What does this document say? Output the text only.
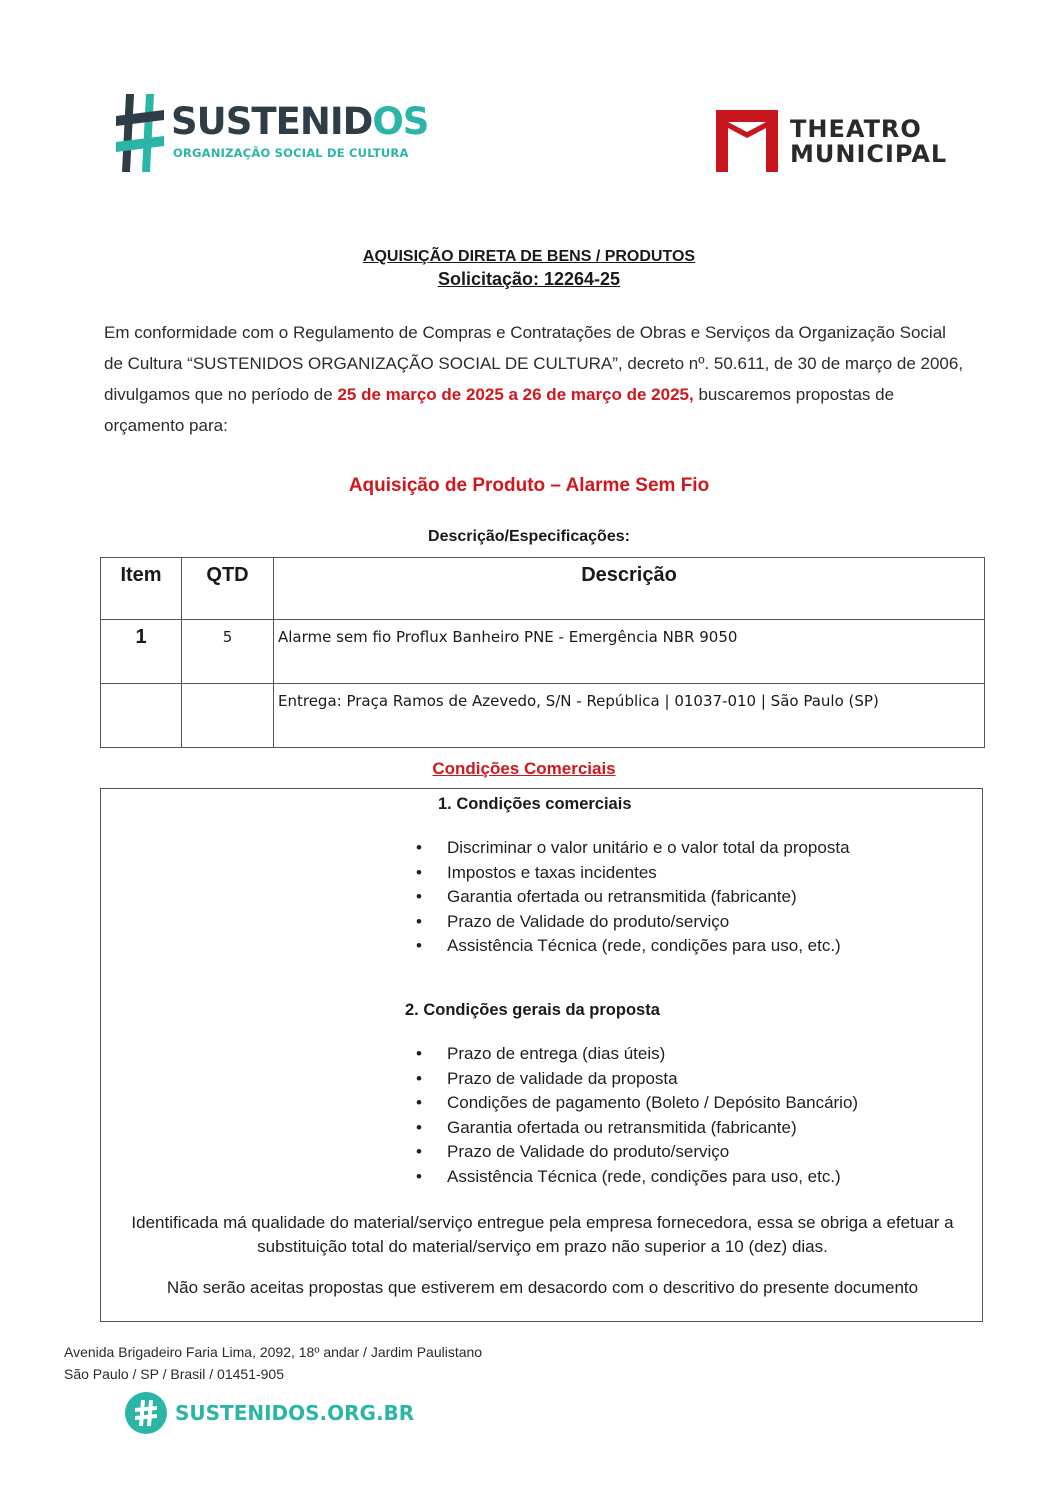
SUSTENIDOS
ORGANIZAÇÃO SOCIAL DE CULTURA
THEATRO
MUNICIPAL
AQUISIÇÃO DIRETA DE BENS / PRODUTOS
Solicitação: 12264-25
Em conformidade com o Regulamento de Compras e Contratações de Obras e Serviços da Organização Social de Cultura “SUSTENIDOS ORGANIZAÇÃO SOCIAL DE CULTURA”, decreto nº. 50.611, de 30 de março de 2006, divulgamos que no período de 25 de março de 2025 a 26 de março de 2025, buscaremos propostas de orçamento para:
Aquisição de Produto – Alarme Sem Fio
Descrição/Especificações:
Item	QTD	Descrição
1	5	Alarme sem fio Proflux Banheiro PNE - Emergência NBR 9050
		Entrega: Praça Ramos de Azevedo, S/N - República | 01037-010 | São Paulo (SP)
Condições Comerciais
1. Condições comerciais
• Discriminar o valor unitário e o valor total da proposta
• Impostos e taxas incidentes
• Garantia ofertada ou retransmitida (fabricante)
• Prazo de Validade do produto/serviço
• Assistência Técnica (rede, condições para uso, etc.)
2. Condições gerais da proposta
• Prazo de entrega (dias úteis)
• Prazo de validade da proposta
• Condições de pagamento (Boleto / Depósito Bancário)
• Garantia ofertada ou retransmitida (fabricante)
• Prazo de Validade do produto/serviço
• Assistência Técnica (rede, condições para uso, etc.)
Identificada má qualidade do material/serviço entregue pela empresa fornecedora, essa se obriga a efetuar a substituição total do material/serviço em prazo não superior a 10 (dez) dias.
Não serão aceitas propostas que estiverem em desacordo com o descritivo do presente documento
Avenida Brigadeiro Faria Lima, 2092, 18º andar / Jardim Paulistano
São Paulo / SP / Brasil / 01451-905
SUSTENIDOS.ORG.BR
